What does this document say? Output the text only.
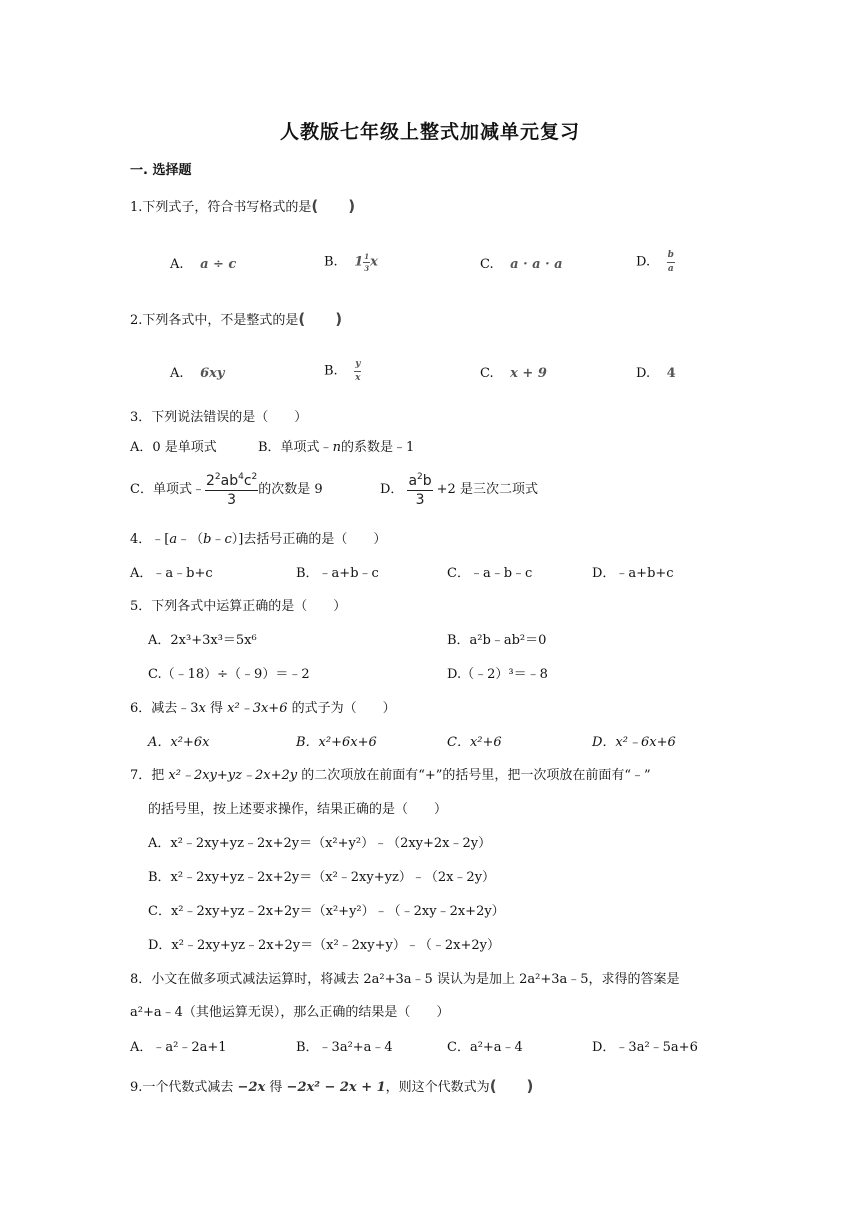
人教版七年级上整式加减单元复习
一. 选择题
1.下列式子，符合书写格式的是(　　)
A. a ÷ c	B. $1 \frac{1}{3}$ x	C. a · a · a	D. $\frac{b}{a}$
2.下列各式中，不是整式的是(　　)
A. 6xy	B. $\frac{y}{x}$	C. x + 9	D. 4
3．下列说法错误的是（　　）
A．0 是单项式	B．单项式﹣n的系数是﹣1
C．单项式﹣ $\frac{2^2ab^4c^2}{3}$ 的次数是 9	D． $\frac{a^2b}{3} +2$ 是三次二项式
4．﹣[a﹣（b﹣c）]去括号正确的是（　　）
A．﹣a﹣b+c	B．﹣a+b﹣c	C．﹣a﹣b﹣c	D．﹣a+b+c
5．下列各式中运算正确的是（　　）
A．2x³+3x³＝5x⁶	B．a²b﹣ab²＝0
C.（﹣18）÷（﹣9）＝﹣2	D.（﹣2）³＝﹣8
6．减去﹣3x 得 x²﹣3x+6 的式子为（　　）
A．x²+6x	B．x²+6x+6	C．x²+6	D．x²﹣6x+6
7．把 x²﹣2xy+yz﹣2x+2y 的二次项放在前面有“+”的括号里，把一次项放在前面有“﹣”
的括号里，按上述要求操作，结果正确的是（　　）
A．x²﹣2xy+yz﹣2x+2y＝（x²+y²）﹣（2xy+2x﹣2y）
B．x²﹣2xy+yz﹣2x+2y＝（x²﹣2xy+yz）﹣（2x﹣2y）
C．x²﹣2xy+yz﹣2x+2y＝（x²+y²）﹣（﹣2xy﹣2x+2y）
D．x²﹣2xy+yz﹣2x+2y＝（x²﹣2xy+y）﹣（﹣2x+2y）
8．小文在做多项式减法运算时，将减去 2a²+3a﹣5 误认为是加上 2a²+3a﹣5，求得的答案是
a²+a﹣4（其他运算无误），那么正确的结果是（　　）
A．﹣a²﹣2a+1	B．﹣3a²+a﹣4	C．a²+a﹣4	D．﹣3a²﹣5a+6
9.一个代数式减去 −2x 得 −2x² − 2x + 1，则这个代数式为(　　)
